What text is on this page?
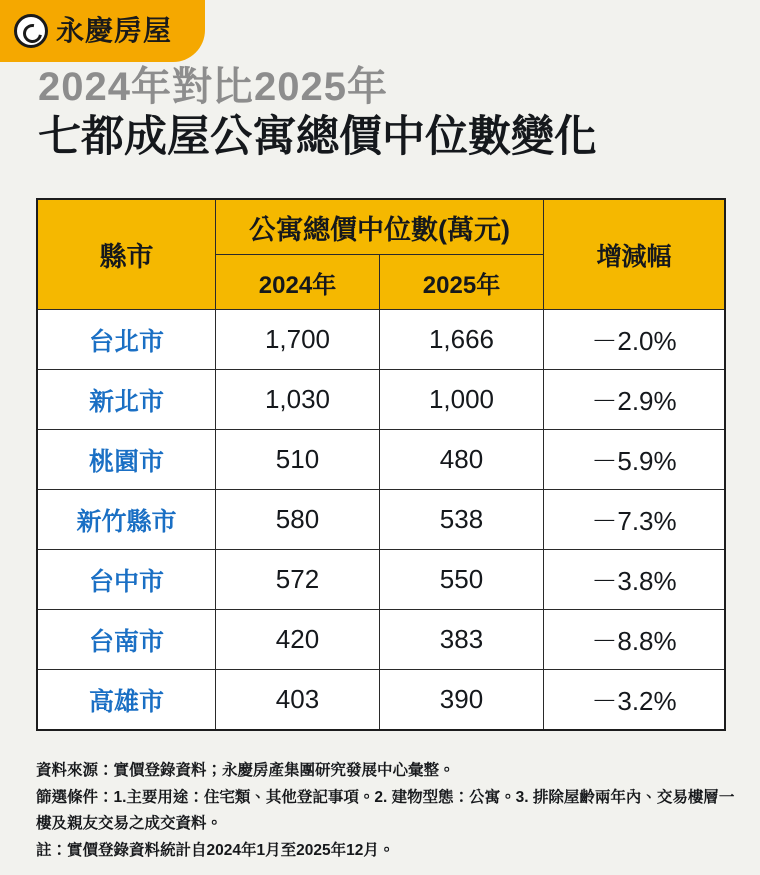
永慶房屋
2024年對比2025年
七都成屋公寓總價中位數變化
縣市	公寓總價中位數(萬元)		增減幅
	2024年	2025年	
台北市	1,700	1,666	－2.0%
新北市	1,030	1,000	－2.9%
桃園市	510	480	－5.9%
新竹縣市	580	538	－7.3%
台中市	572	550	－3.8%
台南市	420	383	－8.8%
高雄市	403	390	－3.2%
資料來源：實價登錄資料；永慶房產集團研究發展中心彙整。
篩選條件：1.主要用途：住宅類、其他登記事項。2. 建物型態：公寓。3. 排除屋齡兩年內、交易樓層一樓及親友交易之成交資料。
註：實價登錄資料統計自2024年1月至2025年12月。
